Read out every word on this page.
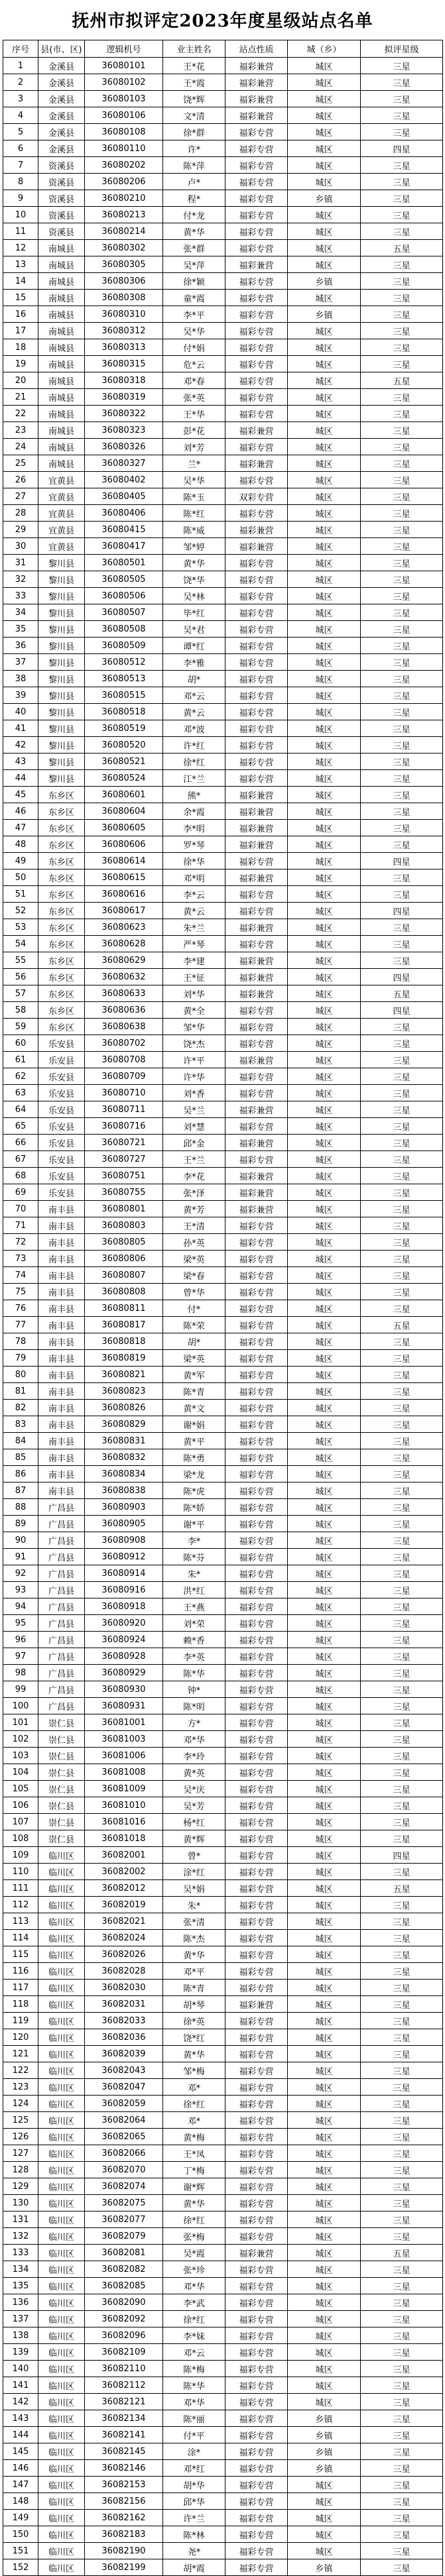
抚州市拟评定2023年度星级站点名单
序号	县(市、区)	逻辑机号	业主姓名	站点性质	城（乡）	拟评星级
1	金溪县	36080101	王*花	福彩兼营	城区	三星
2	金溪县	36080102	王*霞	福彩兼营	城区	三星
3	金溪县	36080103	饶*辉	福彩兼营	城区	三星
4	金溪县	36080106	文*清	福彩兼营	城区	三星
5	金溪县	36080108	徐*群	福彩专营	城区	三星
6	金溪县	36080110	许*	福彩专营	城区	四星
7	资溪县	36080202	陈*萍	福彩专营	城区	三星
8	资溪县	36080206	卢*	福彩专营	城区	三星
9	资溪县	36080210	程*	福彩专营	乡镇	三星
10	资溪县	36080213	付*龙	福彩专营	城区	三星
11	资溪县	36080214	黄*华	福彩专营	城区	三星
12	南城县	36080302	张*群	福彩专营	城区	五星
13	南城县	36080305	吴*萍	福彩兼营	城区	三星
14	南城县	36080306	徐*颖	福彩专营	乡镇	三星
15	南城县	36080308	童*霞	福彩专营	城区	三星
16	南城县	36080310	李*平	福彩专营	乡镇	三星
17	南城县	36080312	吴*华	福彩专营	城区	三星
18	南城县	36080313	付*娟	福彩专营	城区	三星
19	南城县	36080315	危*云	福彩专营	城区	三星
20	南城县	36080318	邓*春	福彩专营	城区	五星
21	南城县	36080319	张*英	福彩专营	城区	三星
22	南城县	36080322	王*华	福彩专营	城区	三星
23	南城县	36080323	彭*花	福彩兼营	城区	三星
24	南城县	36080326	刘*芳	福彩专营	城区	三星
25	南城县	36080327	兰*	福彩兼营	城区	三星
26	宜黄县	36080402	吴*华	福彩专营	城区	三星
27	宜黄县	36080405	陈*玉	双彩专营	城区	三星
28	宜黄县	36080406	陈*红	福彩专营	城区	三星
29	宜黄县	36080415	陈*威	福彩兼营	城区	三星
30	宜黄县	36080417	邹*婷	福彩兼营	城区	三星
31	黎川县	36080501	黄*华	福彩专营	城区	三星
32	黎川县	36080505	饶*华	福彩专营	城区	三星
33	黎川县	36080506	吴*林	福彩专营	城区	三星
34	黎川县	36080507	毕*红	福彩专营	城区	三星
35	黎川县	36080508	吴*君	福彩专营	城区	三星
36	黎川县	36080509	谭*红	福彩专营	城区	三星
37	黎川县	36080512	李*雅	福彩专营	城区	三星
38	黎川县	36080513	胡*	福彩专营	城区	三星
39	黎川县	36080515	邓*云	福彩专营	城区	三星
40	黎川县	36080518	黄*云	福彩专营	城区	三星
41	黎川县	36080519	邓*波	福彩专营	城区	三星
42	黎川县	36080520	许*红	福彩专营	城区	三星
43	黎川县	36080521	徐*红	福彩专营	城区	三星
44	黎川县	36080524	江*兰	福彩专营	城区	三星
45	东乡区	36080601	熊*	福彩兼营	城区	三星
46	东乡区	36080604	余*霞	福彩兼营	城区	三星
47	东乡区	36080605	李*明	福彩兼营	城区	三星
48	东乡区	36080606	罗*琴	福彩兼营	城区	三星
49	东乡区	36080614	徐*华	福彩专营	城区	四星
50	东乡区	36080615	邓*明	福彩兼营	城区	三星
51	东乡区	36080616	李*云	福彩专营	城区	三星
52	东乡区	36080617	黄*云	福彩专营	城区	四星
53	东乡区	36080623	朱*兰	福彩兼营	城区	三星
54	东乡区	36080628	严*琴	福彩专营	城区	三星
55	东乡区	36080629	李*建	福彩兼营	城区	三星
56	东乡区	36080632	王*征	福彩兼营	城区	四星
57	东乡区	36080633	刘*华	福彩兼营	城区	五星
58	东乡区	36080636	黄*全	福彩专营	城区	四星
59	东乡区	36080638	邹*华	福彩专营	城区	三星
60	乐安县	36080702	饶*杰	福彩专营	城区	三星
61	乐安县	36080708	许*平	福彩兼营	城区	三星
62	乐安县	36080709	许*华	福彩专营	城区	三星
63	乐安县	36080710	刘*香	福彩专营	城区	三星
64	乐安县	36080711	吴*兰	福彩兼营	城区	三星
65	乐安县	36080716	刘*慧	福彩专营	城区	三星
66	乐安县	36080721	邱*金	福彩兼营	城区	三星
67	乐安县	36080727	王*兰	福彩专营	城区	三星
68	乐安县	36080751	李*花	福彩兼营	城区	三星
69	乐安县	36080755	张*泽	福彩兼营	城区	三星
70	南丰县	36080801	黄*芳	福彩兼营	城区	三星
71	南丰县	36080803	王*清	福彩专营	城区	三星
72	南丰县	36080805	孙*英	福彩专营	城区	三星
73	南丰县	36080806	梁*英	福彩专营	城区	三星
74	南丰县	36080807	梁*春	福彩专营	城区	三星
75	南丰县	36080808	曾*华	福彩专营	城区	三星
76	南丰县	36080811	付*	福彩专营	城区	三星
77	南丰县	36080817	陈*荣	福彩专营	城区	五星
78	南丰县	36080818	胡*	福彩专营	城区	三星
79	南丰县	36080819	梁*英	福彩专营	城区	三星
80	南丰县	36080821	黄*军	福彩专营	城区	三星
81	南丰县	36080823	陈*青	福彩专营	城区	三星
82	南丰县	36080826	黄*文	福彩专营	城区	三星
83	南丰县	36080829	谢*娟	福彩专营	城区	三星
84	南丰县	36080831	黄*平	福彩专营	城区	三星
85	南丰县	36080832	陈*勇	福彩专营	城区	三星
86	南丰县	36080834	梁*龙	福彩专营	城区	三星
87	南丰县	36080838	陈*虎	福彩专营	城区	三星
88	广昌县	36080903	陈*娇	福彩专营	城区	三星
89	广昌县	36080905	谢*平	福彩专营	城区	三星
90	广昌县	36080908	李*	福彩专营	城区	三星
91	广昌县	36080912	陈*芬	福彩专营	城区	三星
92	广昌县	36080914	朱*	福彩专营	城区	三星
93	广昌县	36080916	洪*红	福彩专营	城区	三星
94	广昌县	36080918	王*燕	福彩专营	城区	三星
95	广昌县	36080920	刘*荣	福彩专营	城区	三星
96	广昌县	36080924	赖*香	福彩专营	城区	三星
97	广昌县	36080928	李*英	福彩专营	城区	三星
98	广昌县	36080929	陈*华	福彩专营	城区	三星
99	广昌县	36080930	钟*	福彩专营	城区	三星
100	广昌县	36080931	陈*明	福彩专营	城区	三星
101	崇仁县	36081001	方*	福彩专营	城区	三星
102	崇仁县	36081003	邓*华	福彩专营	城区	三星
103	崇仁县	36081006	李*玲	福彩专营	城区	三星
104	崇仁县	36081008	黄*英	福彩专营	城区	三星
105	崇仁县	36081009	吴*庆	福彩专营	城区	三星
106	崇仁县	36081010	吴*芳	福彩专营	城区	三星
107	崇仁县	36081016	杨*红	福彩专营	城区	三星
108	崇仁县	36081018	黄*辉	福彩专营	城区	三星
109	临川区	36082001	曾*	福彩专营	城区	四星
110	临川区	36082002	涂*红	福彩专营	城区	三星
111	临川区	36082012	吴*娟	福彩专营	城区	五星
112	临川区	36082019	朱*	福彩专营	城区	三星
113	临川区	36082021	张*清	福彩专营	城区	三星
114	临川区	36082024	陈*杰	福彩专营	城区	三星
115	临川区	36082026	黄*华	福彩专营	城区	三星
116	临川区	36082028	邓*平	福彩专营	城区	三星
117	临川区	36082030	陈*青	福彩专营	城区	三星
118	临川区	36082031	胡*琴	福彩兼营	城区	三星
119	临川区	36082033	徐*英	福彩专营	城区	三星
120	临川区	36082036	饶*红	福彩专营	城区	三星
121	临川区	36082039	黄*华	福彩专营	城区	三星
122	临川区	36082043	邹*梅	福彩专营	城区	三星
123	临川区	36082047	邓*	福彩专营	城区	三星
124	临川区	36082059	徐*红	福彩专营	城区	三星
125	临川区	36082064	邓*	福彩专营	城区	三星
126	临川区	36082065	黄*梅	福彩专营	城区	三星
127	临川区	36082066	王*凤	福彩专营	城区	三星
128	临川区	36082070	丁*梅	福彩专营	城区	三星
129	临川区	36082074	谢*辉	福彩专营	城区	三星
130	临川区	36082075	黄*华	福彩专营	城区	三星
131	临川区	36082077	徐*红	福彩专营	城区	三星
132	临川区	36082079	张*梅	福彩专营	城区	三星
133	临川区	36082081	吴*霞	福彩兼营	城区	五星
134	临川区	36082082	张*珍	福彩专营	城区	三星
135	临川区	36082085	邓*华	福彩专营	城区	三星
136	临川区	36082090	李*武	福彩专营	城区	三星
137	临川区	36082092	徐*红	福彩专营	城区	三星
138	临川区	36082096	李*妹	福彩专营	城区	三星
139	临川区	36082109	邓*云	福彩专营	城区	三星
140	临川区	36082110	陈*梅	福彩专营	城区	三星
141	临川区	36082112	陈*华	福彩专营	城区	三星
142	临川区	36082121	邓*华	福彩专营	城区	三星
143	临川区	36082134	陈*丽	福彩专营	乡镇	三星
144	临川区	36082141	付*平	福彩专营	乡镇	三星
145	临川区	36082145	涂*	福彩专营	乡镇	三星
146	临川区	36082146	邓*红	福彩专营	乡镇	三星
147	临川区	36082153	胡*华	福彩专营	城区	三星
148	临川区	36082156	邱*华	福彩专营	城区	三星
149	临川区	36082162	许*兰	福彩专营	城区	三星
150	临川区	36082183	陈*林	福彩专营	城区	三星
151	临川区	36082190	尧*	福彩专营	城区	三星
152	临川区	36082199	胡*霞	福彩专营	乡镇	三星
